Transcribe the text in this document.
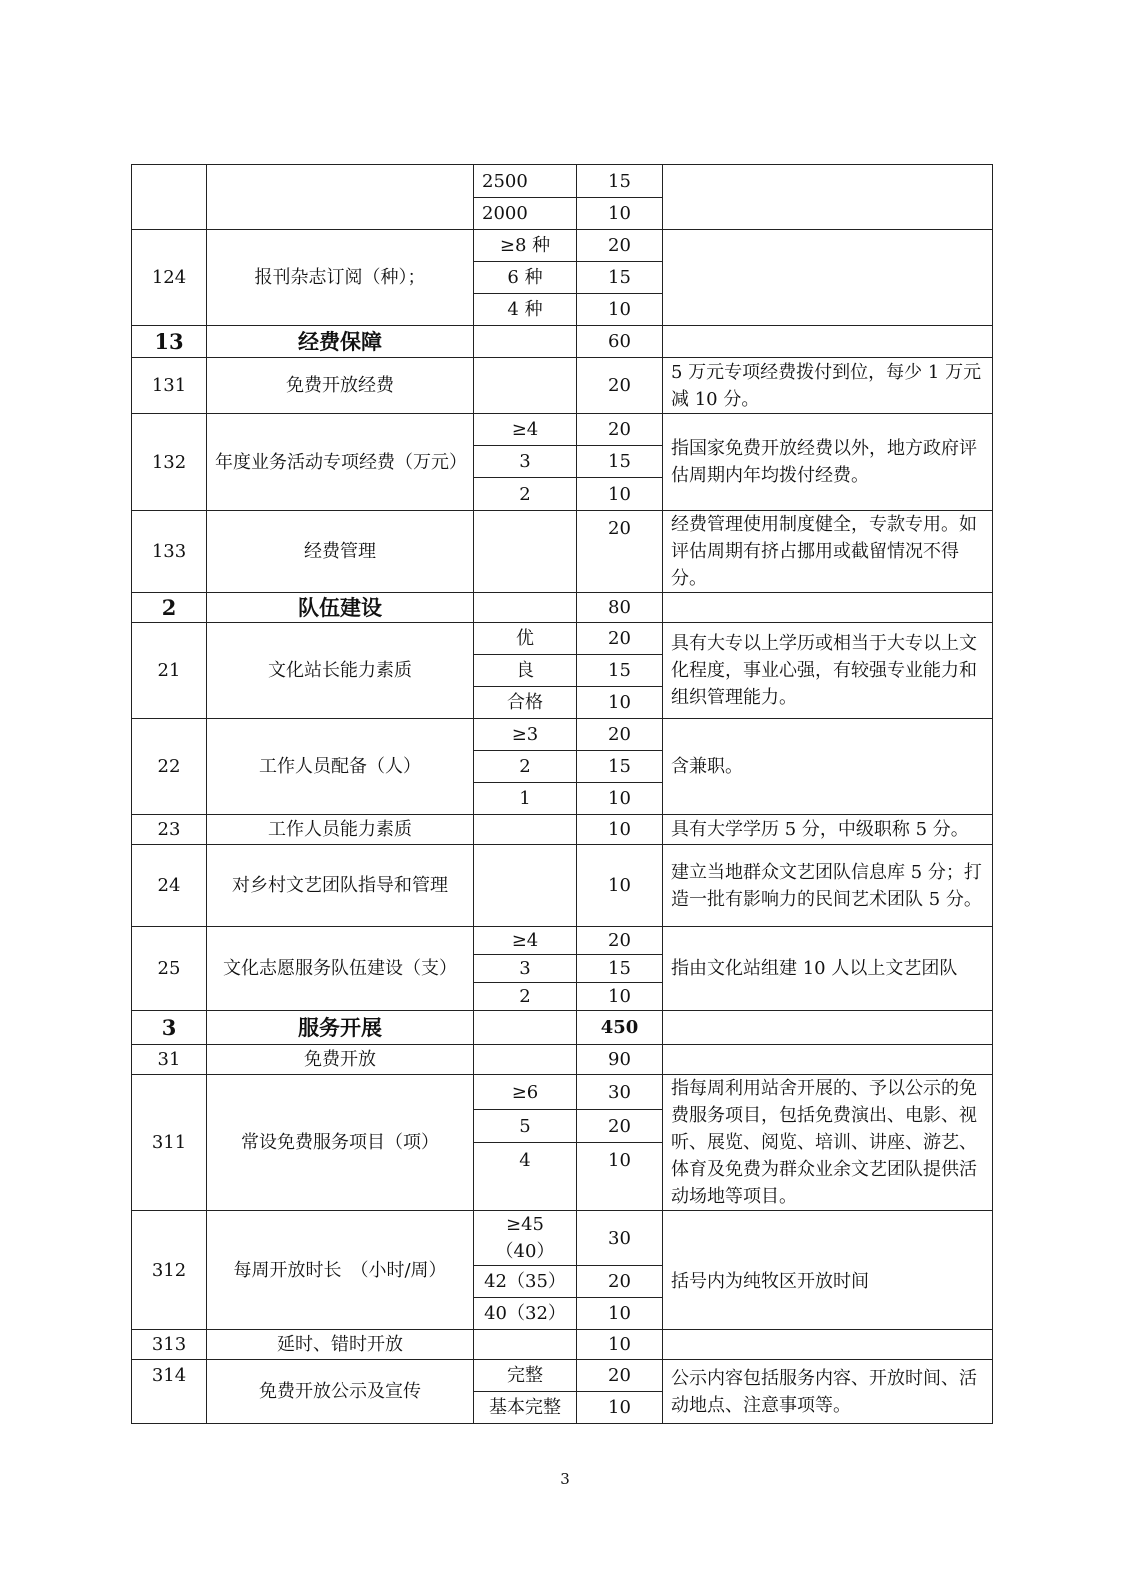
		2500	15	
		2000	10	
124	报刊杂志订阅（种）；	≥8 种	20	
		6 种	15	
		4 种	10	
13	经费保障		60	
131	免费开放经费		20	5 万元专项经费拨付到位，每少 1 万元减 10 分。
132	年度业务活动专项经费（万元）	≥4	20	指国家免费开放经费以外，地方政府评估周期内年均拨付经费。
		3	15	
		2	10	
133	经费管理		20	经费管理使用制度健全，专款专用。如评估周期有挤占挪用或截留情况不得分。
2	队伍建设		80	
21	文化站长能力素质	优	20	具有大专以上学历或相当于大专以上文化程度，事业心强，有较强专业能力和组织管理能力。
		良	15	
		合格	10	
22	工作人员配备（人）	≥3	20	含兼职。
		2	15	
		1	10	
23	工作人员能力素质		10	具有大学学历 5 分，中级职称 5 分。
24	对乡村文艺团队指导和管理		10	建立当地群众文艺团队信息库 5 分；打造一批有影响力的民间艺术团队 5 分。
25	文化志愿服务队伍建设（支）	≥4	20	指由文化站组建 10 人以上文艺团队
		3	15	
		2	10	
3	服务开展		450	
31	免费开放		90	
311	常设免费服务项目（项）	≥6	30	指每周利用站舍开展的、予以公示的免费服务项目，包括免费演出、电影、视听、展览、阅览、培训、讲座、游艺、体育及免费为群众业余文艺团队提供活动场地等项目。
		5	20	
		4	10	
312	每周开放时长　（小时/周）	≥45（40）	30	括号内为纯牧区开放时间
		42（35）	20	
		40（32）	10	
313	延时、错时开放		10	
314	免费开放公示及宣传	完整	20	公示内容包括服务内容、开放时间、活动地点、注意事项等。
		基本完整	10	
3
